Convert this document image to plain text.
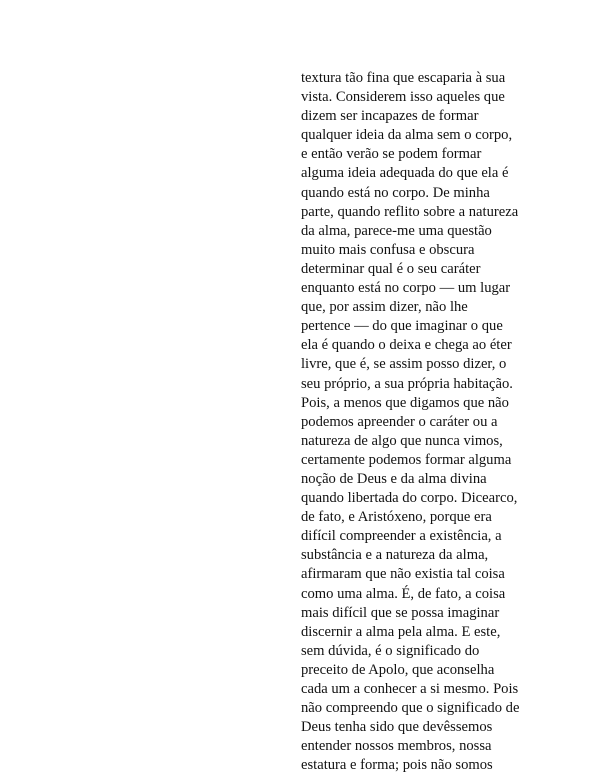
textura tão fina que escaparia à sua
vista. Considerem isso aqueles que
dizem ser incapazes de formar
qualquer ideia da alma sem o corpo,
e então verão se podem formar
alguma ideia adequada do que ela é
quando está no corpo. De minha
parte, quando reflito sobre a natureza
da alma, parece-me uma questão
muito mais confusa e obscura
determinar qual é o seu caráter
enquanto está no corpo — um lugar
que, por assim dizer, não lhe
pertence — do que imaginar o que
ela é quando o deixa e chega ao éter
livre, que é, se assim posso dizer, o
seu próprio, a sua própria habitação.
Pois, a menos que digamos que não
podemos apreender o caráter ou a
natureza de algo que nunca vimos,
certamente podemos formar alguma
noção de Deus e da alma divina
quando libertada do corpo. Dicearco,
de fato, e Aristóxeno, porque era
difícil compreender a existência, a
substância e a natureza da alma,
afirmaram que não existia tal coisa
como uma alma. É, de fato, a coisa
mais difícil que se possa imaginar
discernir a alma pela alma. E este,
sem dúvida, é o significado do
preceito de Apolo, que aconselha
cada um a conhecer a si mesmo. Pois
não compreendo que o significado de
Deus tenha sido que devêssemos
entender nossos membros, nossa
estatura e forma; pois não somos
